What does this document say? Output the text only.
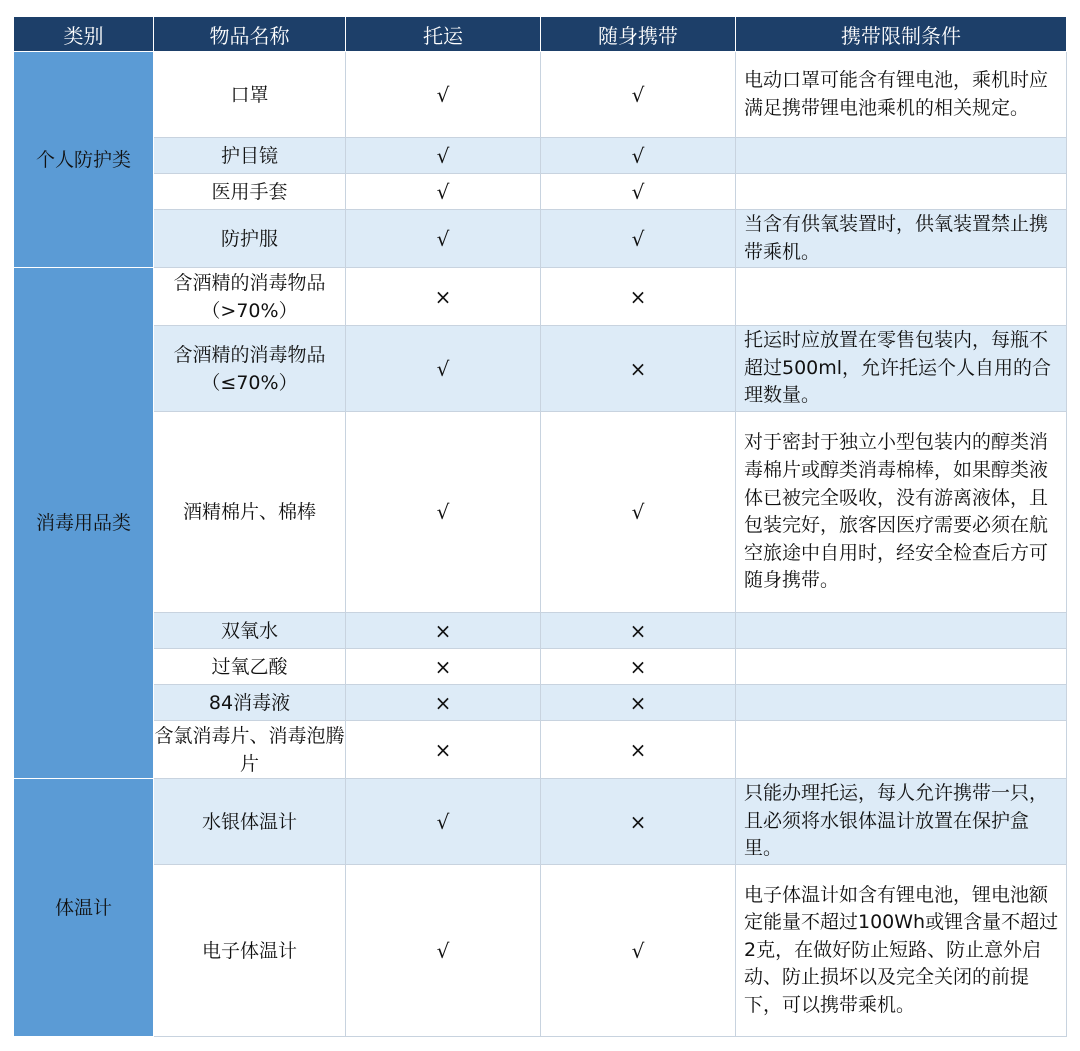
类别	物品名称	托运	随身携带	携带限制条件
个人防护类	口罩	√	√	电动口罩可能含有锂电池，乘机时应满足携带锂电池乘机的相关规定。
	护目镜	√	√	
	医用手套	√	√	
	防护服	√	√	当含有供氧装置时，供氧装置禁止携带乘机。
消毒用品类	含酒精的消毒物品（>70%）	×	×	
	含酒精的消毒物品（≤70%）	√	×	托运时应放置在零售包装内，每瓶不超过500ml，允许托运个人自用的合理数量。
	酒精棉片、棉棒	√	√	对于密封于独立小型包装内的醇类消毒棉片或醇类消毒棉棒，如果醇类液体已被完全吸收，没有游离液体，且包装完好，旅客因医疗需要必须在航空旅途中自用时，经安全检查后方可随身携带。
	双氧水	×	×	
	过氧乙酸	×	×	
	84消毒液	×	×	
	含氯消毒片、消毒泡腾片	×	×	
体温计	水银体温计	√	×	只能办理托运，每人允许携带一只，且必须将水银体温计放置在保护盒里。
	电子体温计	√	√	电子体温计如含有锂电池，锂电池额定能量不超过100Wh或锂含量不超过2克，在做好防止短路、防止意外启动、防止损坏以及完全关闭的前提下，可以携带乘机。
